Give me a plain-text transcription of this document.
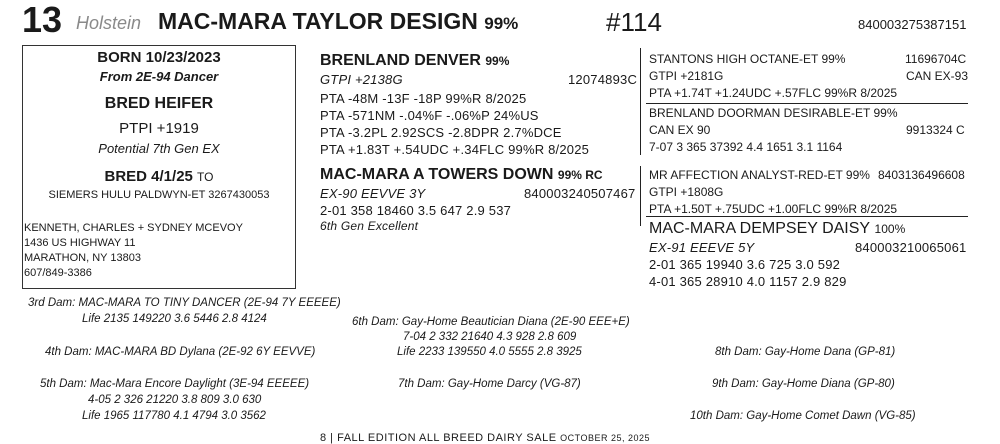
13 Holstein MAC-MARA TAYLOR DESIGN 99%	#114	840003275387151
BORN 10/23/2023
From 2E-94 Dancer
BRED HEIFER
PTPI +1919
Potential 7th Gen EX
BRED 4/1/25 TO
SIEMERS HULU PALDWYN-ET 3267430053
KENNETH, CHARLES + SYDNEY MCEVOY
1436 US HIGHWAY 11
MARATHON, NY 13803
607/849-3386
BRENLAND DENVER 99%
GTPI +2138G	12074893C
PTA -48M -13F -18P 99%R 8/2025
PTA -571NM -.04%F -.06%P 24%US
PTA -3.2PL 2.92SCS -2.8DPR 2.7%DCE
PTA +1.83T +.54UDC +.34FLC 99%R 8/2025
MAC-MARA A TOWERS DOWN 99% RC
EX-90 EEVVE 3Y	840003240507467
2-01 358 18460 3.5 647 2.9 537
6th Gen Excellent
STANTONS HIGH OCTANE-ET 99%	11696704C
GTPI +2181G	CAN EX-93
PTA +1.74T +1.24UDC +.57FLC 99%R 8/2025
BRENLAND DOORMAN DESIRABLE-ET 99%
CAN EX 90	9913324 C
7-07 3 365 37392 4.4 1651 3.1 1164
MR AFFECTION ANALYST-RED-ET 99% 8403136496608
GTPI +1808G
PTA +1.50T +.75UDC +1.00FLC 99%R 8/2025
MAC-MARA DEMPSEY DAISY 100%
EX-91 EEEVE 5Y	840003210065061
2-01 365 19940 3.6 725 3.0 592
4-01 365 28910 4.0 1157 2.9 829
3rd Dam: MAC-MARA TO TINY DANCER (2E-94 7Y EEEEE)
Life 2135 149220 3.6 5446 2.8 4124
4th Dam: MAC-MARA BD Dylana (2E-92 6Y EEVVE)
5th Dam: Mac-Mara Encore Daylight (3E-94 EEEEE)
4-05 2 326 21220 3.8 809 3.0 630
Life 1965 117780 4.1 4794 3.0 3562
6th Dam: Gay-Home Beautician Diana (2E-90 EEE+E)
7-04 2 332 21640 4.3 928 2.8 609
Life 2233 139550 4.0 5555 2.8 3925
7th Dam: Gay-Home Darcy (VG-87)
8th Dam: Gay-Home Dana (GP-81)
9th Dam: Gay-Home Diana (GP-80)
10th Dam: Gay-Home Comet Dawn (VG-85)
8 | FALL EDITION ALL BREED DAIRY SALE OCTOBER 25, 2025
